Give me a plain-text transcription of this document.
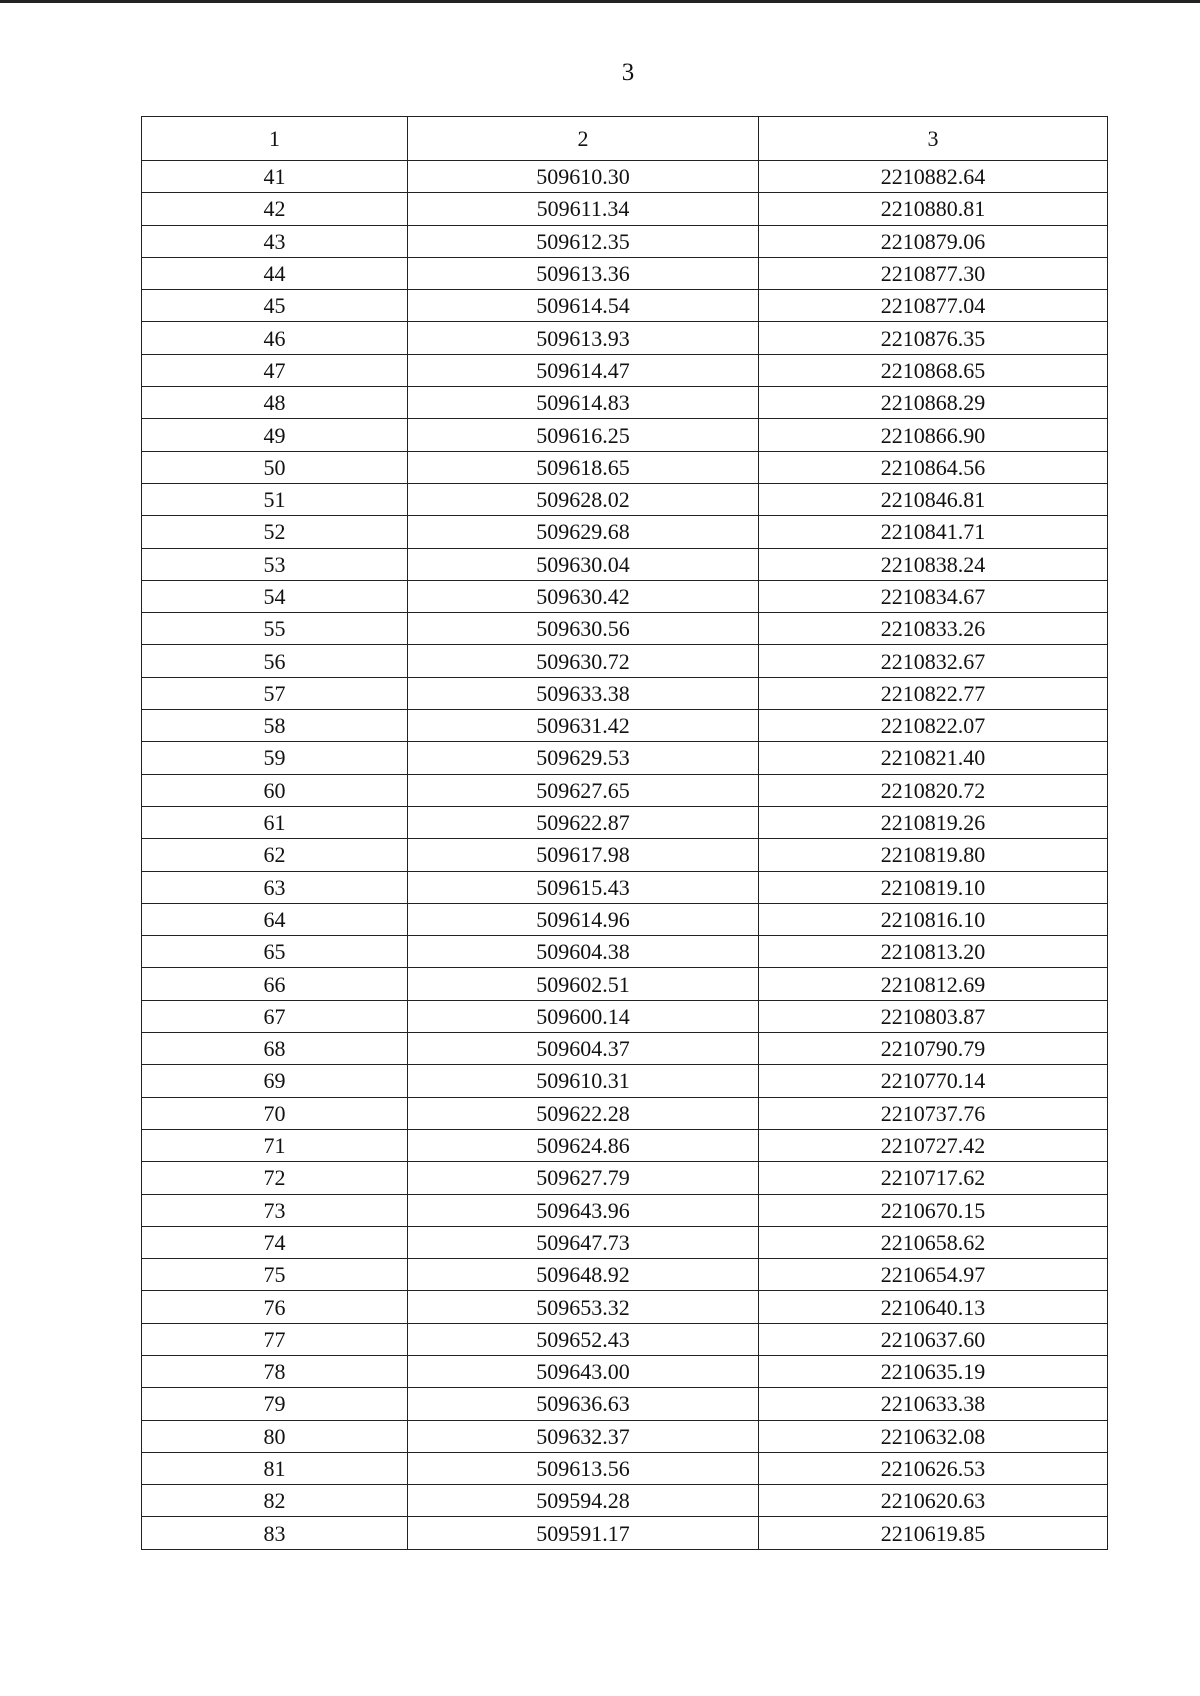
3
1	2	3
41	509610.30	2210882.64
42	509611.34	2210880.81
43	509612.35	2210879.06
44	509613.36	2210877.30
45	509614.54	2210877.04
46	509613.93	2210876.35
47	509614.47	2210868.65
48	509614.83	2210868.29
49	509616.25	2210866.90
50	509618.65	2210864.56
51	509628.02	2210846.81
52	509629.68	2210841.71
53	509630.04	2210838.24
54	509630.42	2210834.67
55	509630.56	2210833.26
56	509630.72	2210832.67
57	509633.38	2210822.77
58	509631.42	2210822.07
59	509629.53	2210821.40
60	509627.65	2210820.72
61	509622.87	2210819.26
62	509617.98	2210819.80
63	509615.43	2210819.10
64	509614.96	2210816.10
65	509604.38	2210813.20
66	509602.51	2210812.69
67	509600.14	2210803.87
68	509604.37	2210790.79
69	509610.31	2210770.14
70	509622.28	2210737.76
71	509624.86	2210727.42
72	509627.79	2210717.62
73	509643.96	2210670.15
74	509647.73	2210658.62
75	509648.92	2210654.97
76	509653.32	2210640.13
77	509652.43	2210637.60
78	509643.00	2210635.19
79	509636.63	2210633.38
80	509632.37	2210632.08
81	509613.56	2210626.53
82	509594.28	2210620.63
83	509591.17	2210619.85
